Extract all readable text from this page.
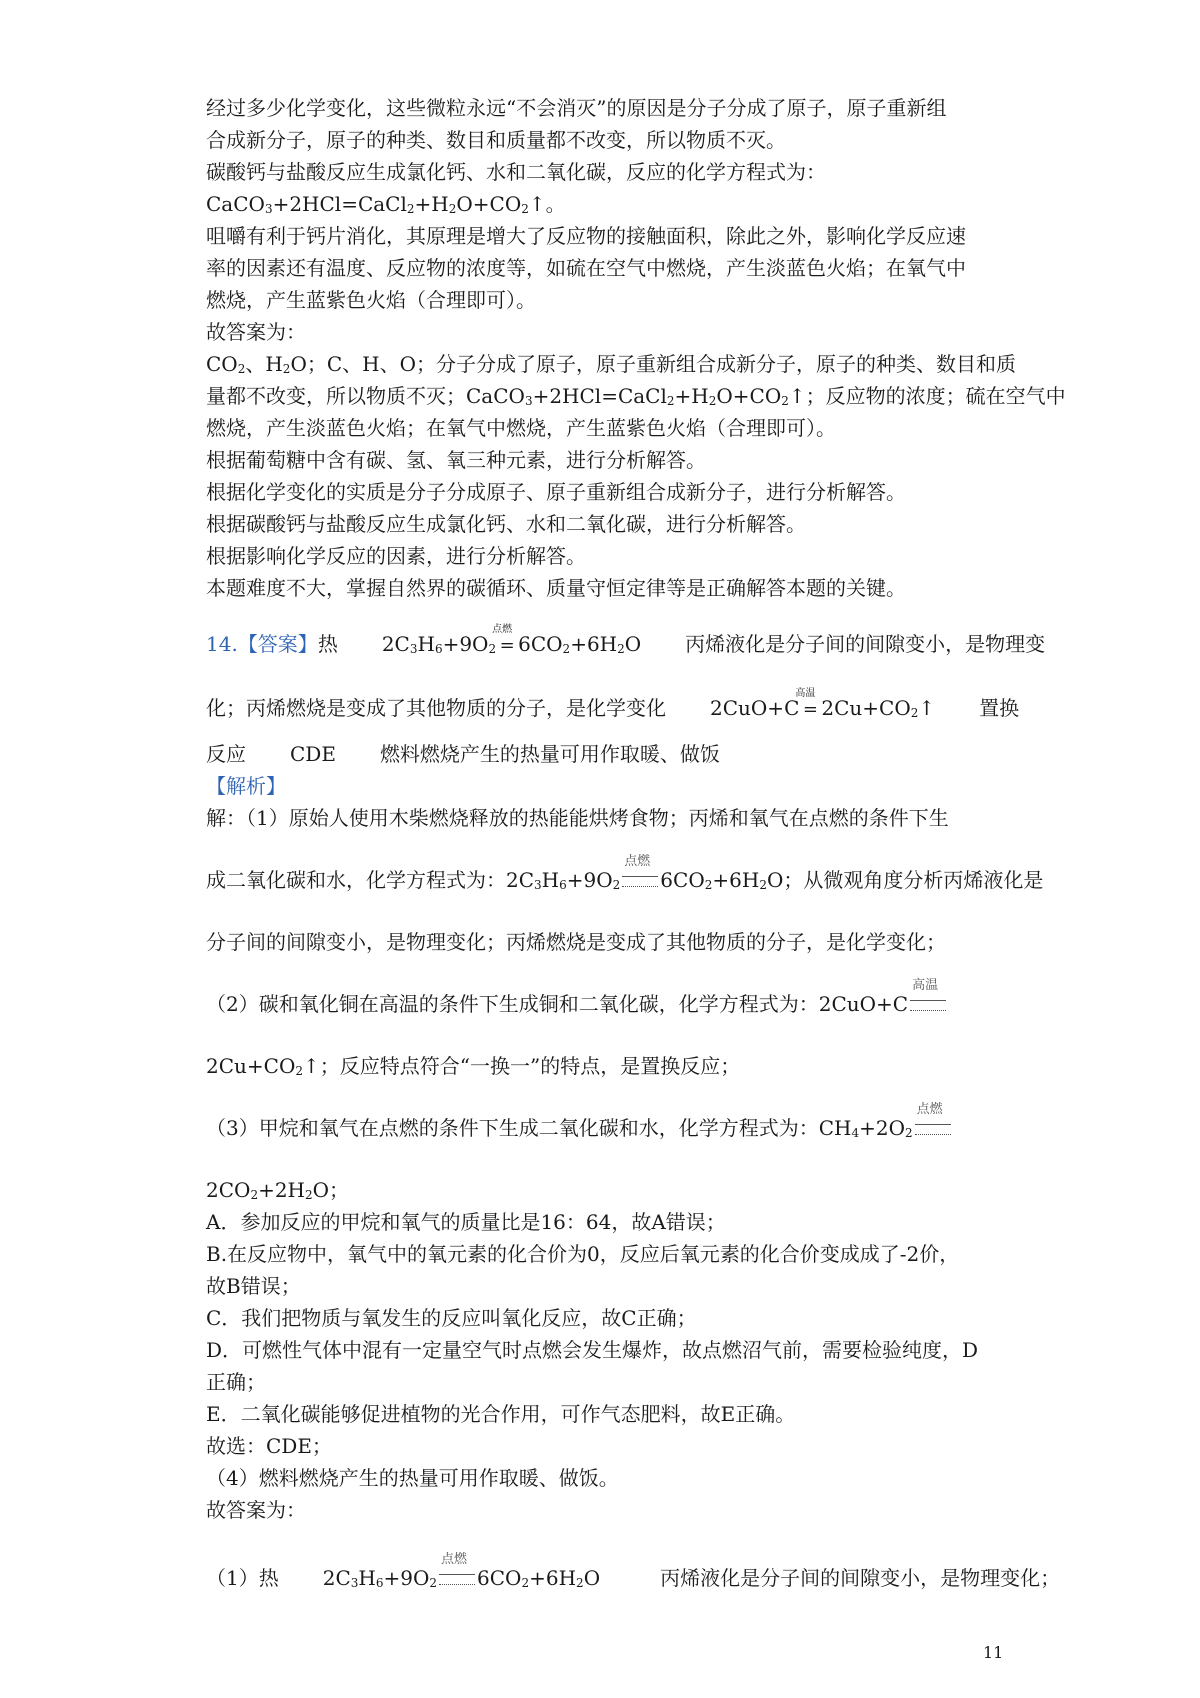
经过多少化学变化，这些微粒永远“不会消灭”的原因是分子分成了原子，原子重新组
合成新分子，原子的种类、数目和质量都不改变，所以物质不灭。
碳酸钙与盐酸反应生成氯化钙、水和二氧化碳，反应的化学方程式为：
$CaCO_3+2HCl=CaCl_2+H_2O+CO_2↑$。
咀嚼有利于钙片消化，其原理是增大了反应物的接触面积，除此之外，影响化学反应速
率的因素还有温度、反应物的浓度等，如硫在空气中燃烧，产生淡蓝色火焰；在氧气中
燃烧，产生蓝紫色火焰（合理即可）。
故答案为：
$CO_2$、$H_2O$；C、H、O；分子分成了原子，原子重新组合成新分子，原子的种类、数目和质
量都不改变，所以物质不灭；$CaCO_3+2HCl=CaCl_2+H_2O+CO_2↑$；反应物的浓度；硫在空气中
燃烧，产生淡蓝色火焰；在氧气中燃烧，产生蓝紫色火焰（合理即可）。
根据葡萄糖中含有碳、氢、氧三种元素，进行分析解答。
根据化学变化的实质是分子分成原子、原子重新组合成新分子，进行分析解答。
根据碳酸钙与盐酸反应生成氯化钙、水和二氧化碳，进行分析解答。
根据影响化学反应的因素，进行分析解答。
本题难度不大，掌握自然界的碳循环、质量守恒定律等是正确解答本题的关键。
14.【答案】热 $2C_3H_6+9O_2$
点燃
= $6CO_2+6H_2O$ 丙烯液化是分子间的间隙变小，是物理变
化；丙烯燃烧是变成了其他物质的分子，是化学变化 2CuO+C
高温
= $2Cu+CO_2↑$ 置换
反应 CDE 燃料燃烧产生的热量可用作取暖、做饭
【解析】
解：（1）原始人使用木柴燃烧释放的热能能烘烤食物；丙烯和氧气在点燃的条件下生
成二氧化碳和水，化学方程式为：$2C_3H_6+9O_2$
点燃
$6CO_2+6H_2O$；从微观角度分析丙烯液化是
分子间的间隙变小，是物理变化；丙烯燃烧是变成了其他物质的分子，是化学变化；
（2）碳和氧化铜在高温的条件下生成铜和二氧化碳，化学方程式为：2CuO+C
高温
$2Cu+CO_2↑$；反应特点符合“一换一”的特点，是置换反应；
（3）甲烷和氧气在点燃的条件下生成二氧化碳和水，化学方程式为：$CH_4+2O_2$
点燃
$2CO_2+2H_2O$；
A．参加反应的甲烷和氧气的质量比是16：64，故A错误；
B.在反应物中，氧气中的氧元素的化合价为0，反应后氧元素的化合价变成成了-2价，
故B错误；
C．我们把物质与氧发生的反应叫氧化反应，故C正确；
D．可燃性气体中混有一定量空气时点燃会发生爆炸，故点燃沼气前，需要检验纯度，D
正确；
E．二氧化碳能够促进植物的光合作用，可作气态肥料，故E正确。
故选：CDE；
（4）燃料燃烧产生的热量可用作取暖、做饭。
故答案为：
（1）热 $2C_3H_6+9O_2$
点燃
$6CO_2+6H_2O$	丙烯液化是分子间的间隙变小，是物理变化；
11
